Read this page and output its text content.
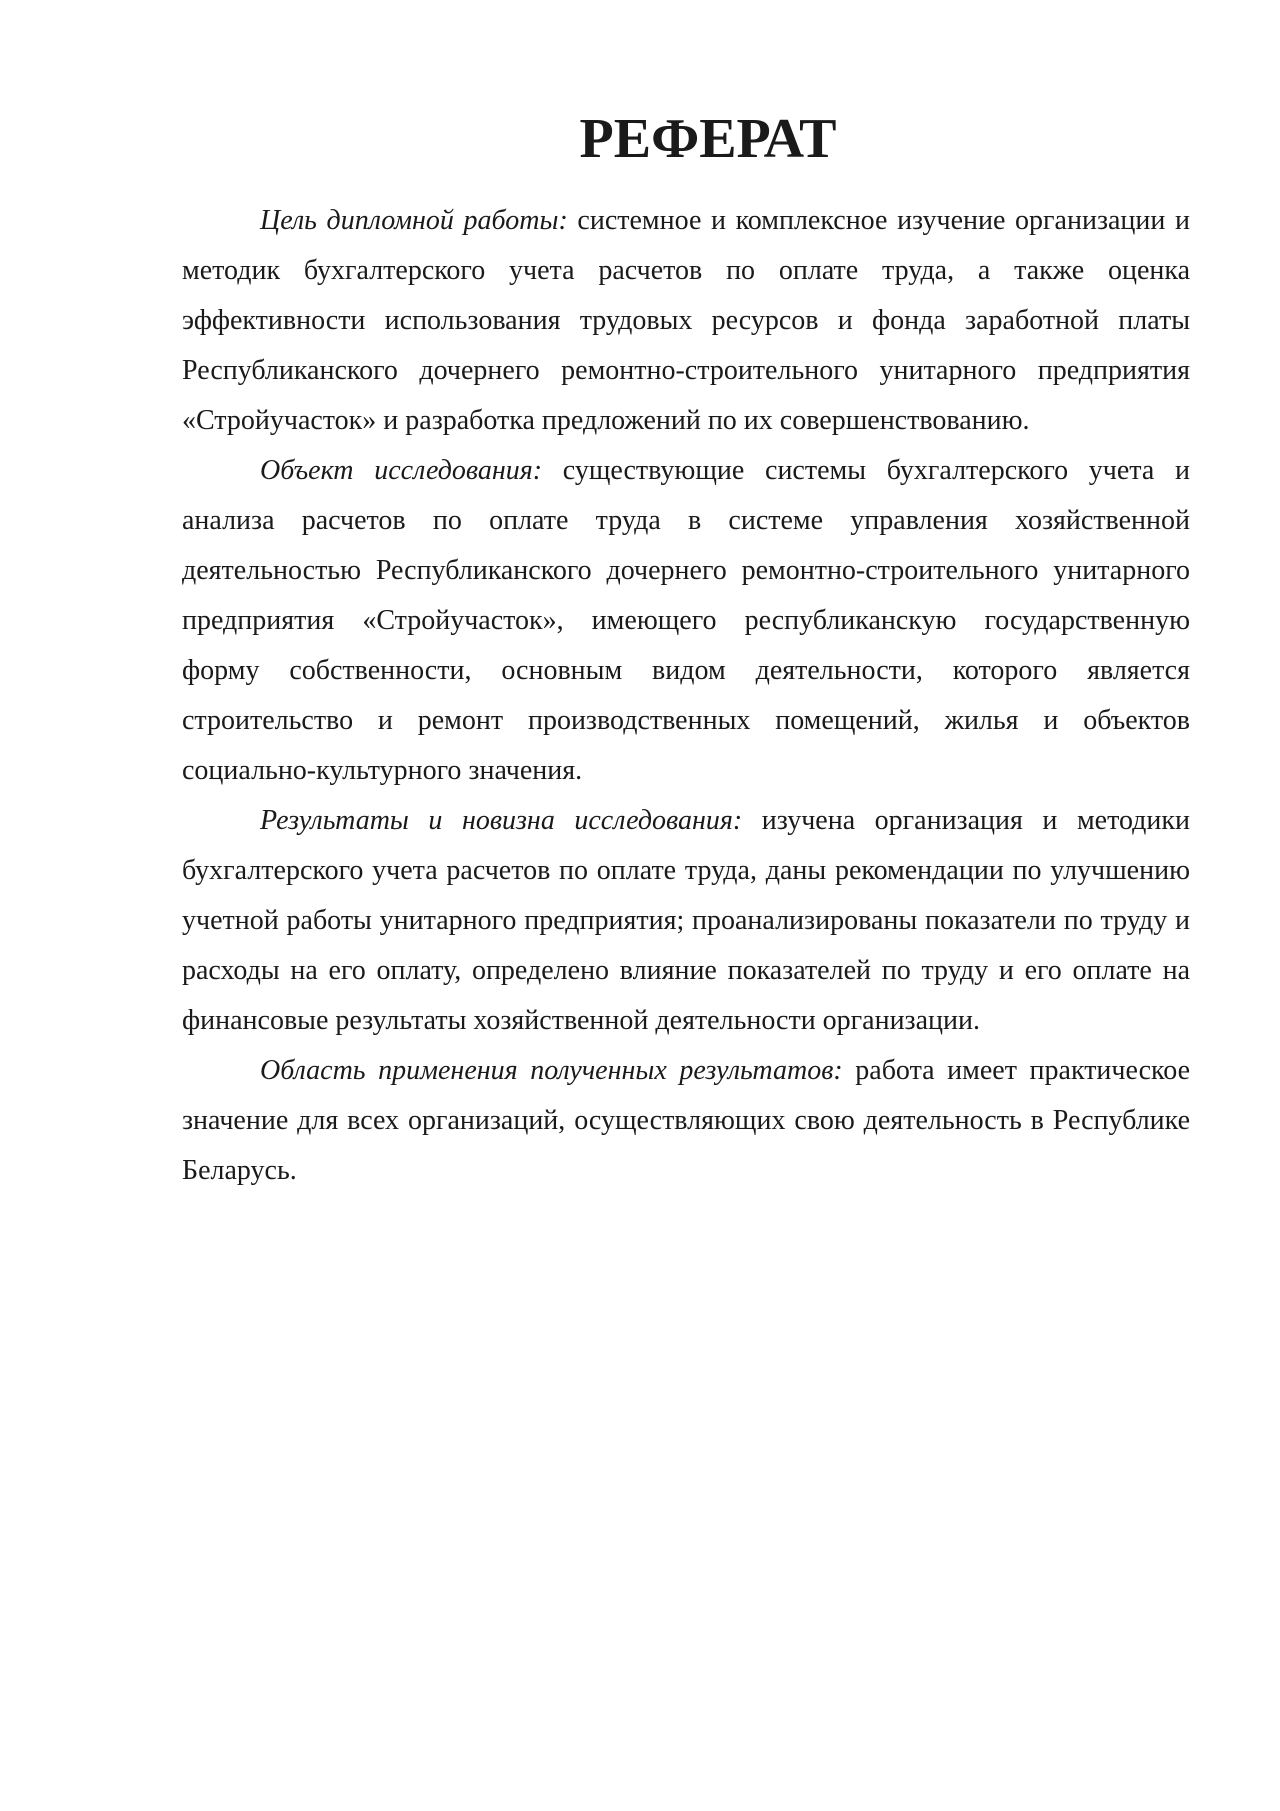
РЕФЕРАТ

Цель дипломной работы: системное и комплексное изучение организации и методик бухгалтерского учета расчетов по оплате труда, а также оценка эффективности использования трудовых ресурсов и фонда заработной платы Республиканского дочернего ремонтно-строительного унитарного предприятия «Стройучасток» и разработка предложений по их совершенствованию.

Объект исследования: существующие системы бухгалтерского учета и анализа расчетов по оплате труда в системе управления хозяйственной деятельностью Республиканского дочернего ремонтно-строительного унитарного предприятия «Стройучасток», имеющего республиканскую государственную форму собственности, основным видом деятельности, которого является строительство и ремонт производственных помещений, жилья и объектов социально-культурного значения.

Результаты и новизна исследования: изучена организация и методики бухгалтерского учета расчетов по оплате труда, даны рекомендации по улучшению учетной работы унитарного предприятия; проанализированы показатели по труду и расходы на его оплату, определено влияние показателей по труду и его оплате на финансовые результаты хозяйственной деятельности организации.

Область применения полученных результатов: работа имеет практическое значение для всех организаций, осуществляющих свою деятельность в Республике Беларусь.
